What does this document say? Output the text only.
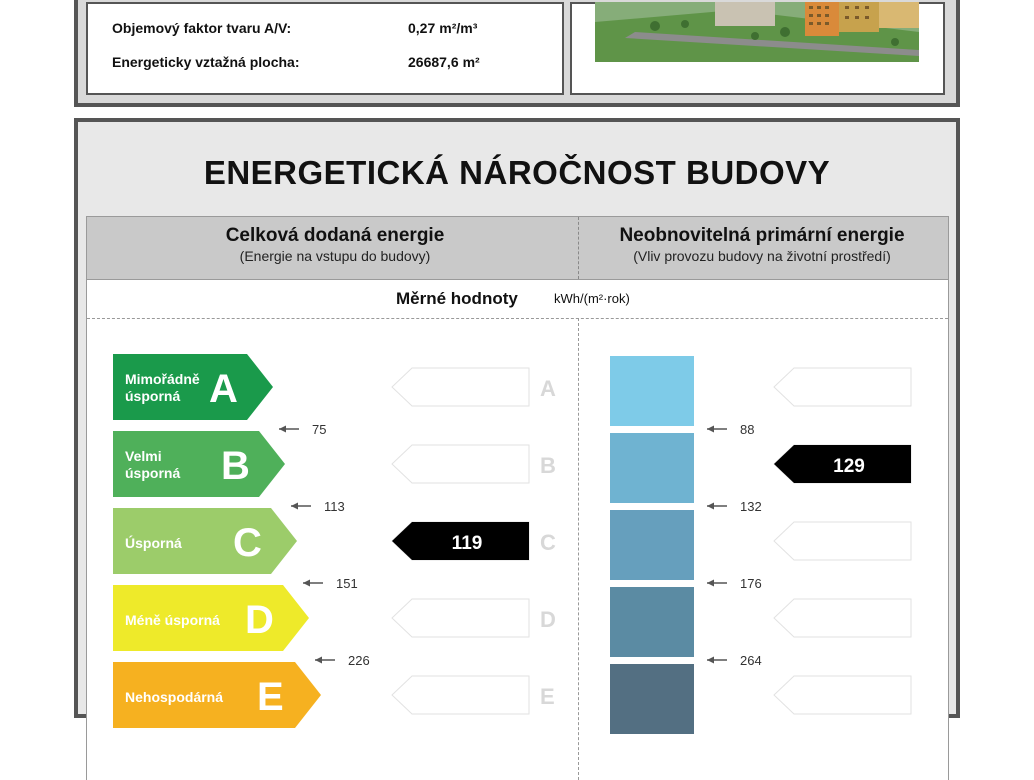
Objemový faktor tvaru A/V:	0,27 m²/m³
Energeticky vztažná plocha:	26687,6 m²
ENERGETICKÁ NÁROČNOST BUDOVY
Celková dodaná energie
(Energie na vstupu do budovy)
Neobnovitelná primární energie
(Vliv provozu budovy na životní prostředí)
Měrné hodnoty	kWh/(m²·rok)
Mimořádně
úsporná A
Velmi
úsporná B
Úsporná C
Méně úsporná D
Nehospodárná E
A
B
C
D
E
75
113
151
226
88
132
176
264
119
129
